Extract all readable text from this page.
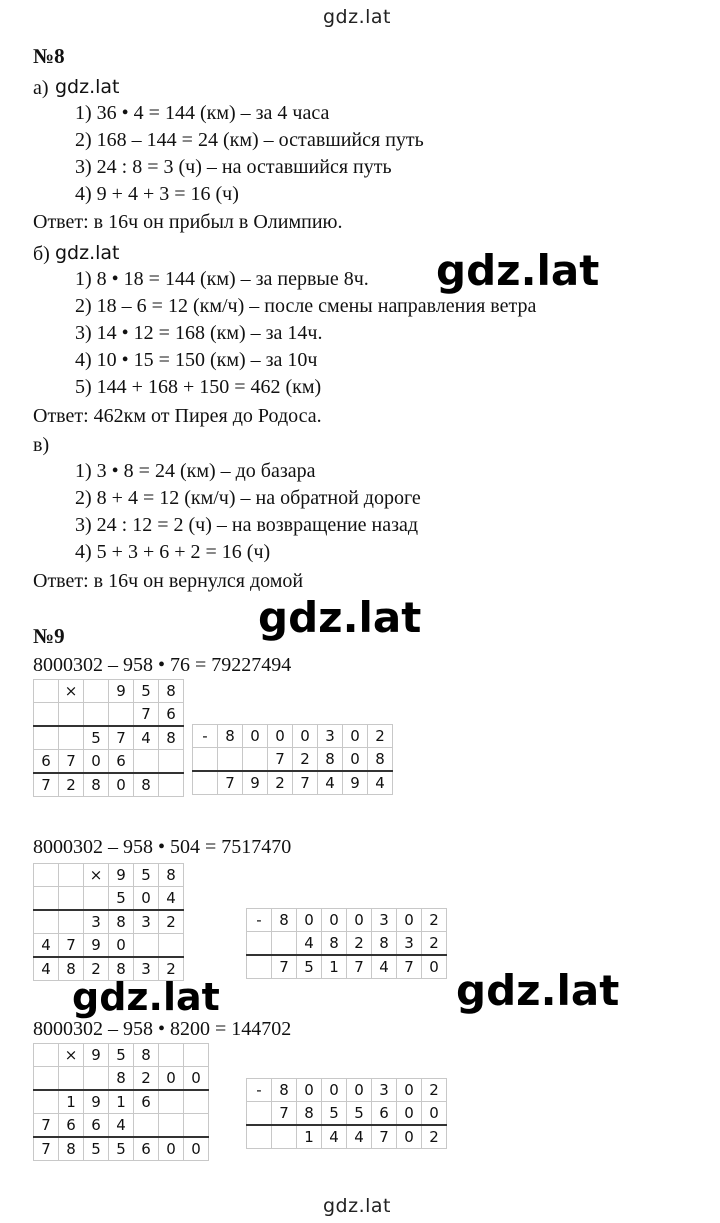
gdz.lat
gdz.lat
№8
а) gdz.lat
1) 36 • 4 = 144 (км) – за 4 часа
2) 168 – 144 = 24 (км) – оставшийся путь
3) 24 : 8 = 3 (ч) – на оставшийся путь
4) 9 + 4 + 3 = 16 (ч)
Ответ: в 16ч он прибыл в Олимпию.
б) gdz.lat
1) 8 • 18 = 144 (км) – за первые 8ч.
2) 18 – 6 = 12 (км/ч) – после смены направления ветра
3) 14 • 12 = 168 (км) – за 14ч.
4) 10 • 15 = 150 (км) – за 10ч
5) 144 + 168 + 150 = 462 (км)
Ответ: 462км от Пирея до Родоса.
в)
1) 3 • 8 = 24 (км) – до базара
2) 8 + 4 = 12 (км/ч) – на обратной дороге
3) 24 : 12 = 2 (ч) – на возвращение назад
4) 5 + 3 + 6 + 2 = 16 (ч)
Ответ: в 16ч он вернулся домой
№9
8000302 – 958 • 76 = 79227494
	×		9	5	8
				7	6
		5	7	4	8
6	7	0	6		
7	2	8	0	8	
-	8	0	0	0	3	0	2
			7	2	8	0	8
	7	9	2	7	4	9	4
8000302 – 958 • 504 = 7517470
		×	9	5	8
			5	0	4
		3	8	3	2
4	7	9	0		
4	8	2	8	3	2
-	8	0	0	0	3	0	2
		4	8	2	8	3	2
	7	5	1	7	4	7	0
8000302 – 958 • 8200 = 144702
	×	9	5	8		
			8	2	0	0
	1	9	1	6		
7	6	6	4			
7	8	5	5	6	0	0
-	8	0	0	0	3	0	2
	7	8	5	5	6	0	0
		1	4	4	7	0	2
gdz.lat
gdz.lat
gdz.lat	gdz.lat
